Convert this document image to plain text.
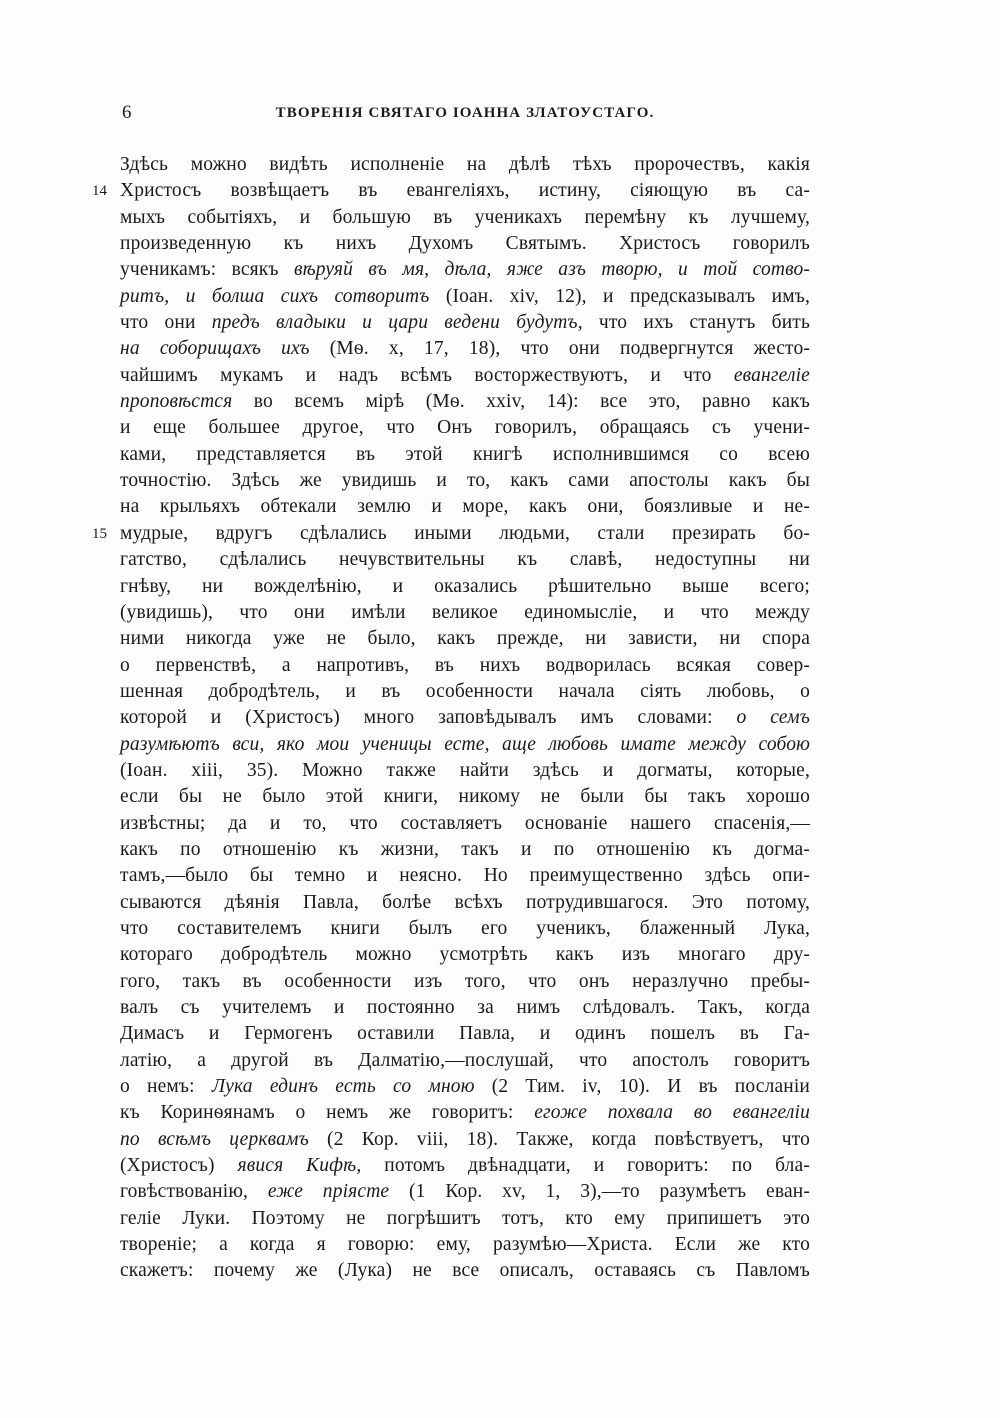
6	ТВОРЕНІЯ СВЯТАГО ІОАННА ЗЛАТОУСТАГО.
14
15
Здѣсь можно видѣть исполненіе на дѣлѣ тѣхъ пророчествъ, какія
Христосъ возвѣщаетъ въ евангеліяхъ, истину, сіяющую въ са-
мыхъ событіяхъ, и большую въ ученикахъ перемѣну къ лучшему,
произведенную къ нихъ Духомъ Святымъ. Христосъ говорилъ
ученикамъ: всякъ вѣруяй въ мя, дѣла, яже азъ творю, и той сотво-
ритъ, и болша сихъ сотворитъ (Іоан. xiv, 12), и предсказывалъ имъ,
что они предъ владыки и цари ведени будутъ, что ихъ станутъ бить
на соборищахъ ихъ (Мѳ. x, 17, 18), что они подвергнутся жесто-
чайшимъ мукамъ и надъ всѣмъ восторжествуютъ, и что евангеліе
проповѣстся во всемъ мірѣ (Мѳ. xxiv, 14): все это, равно какъ
и еще большее другое, что Онъ говорилъ, обращаясь съ учени-
ками, представляется въ этой книгѣ исполнившимся со всею
точностію. Здѣсь же увидишь и то, какъ сами апостолы какъ бы
на крыльяхъ обтекали землю и море, какъ они, боязливые и не-
мудрые, вдругъ сдѣлались иными людьми, стали презирать бо-
гатство, сдѣлались нечувствительны къ славѣ, недоступны ни
гнѣву, ни вожделѣнію, и оказались рѣшительно выше всего;
(увидишь), что они имѣли великое единомысліе, и что между
ними никогда уже не было, какъ прежде, ни зависти, ни спора
о первенствѣ, а напротивъ, въ нихъ водворилась всякая совер-
шенная добродѣтель, и въ особенности начала сіять любовь, о
которой и (Христосъ) много заповѣдывалъ имъ словами: о семъ
разумѣютъ вси, яко мои ученицы есте, аще любовь имате между собою
(Іоан. xiii, 35). Можно также найти здѣсь и догматы, которые,
если бы не было этой книги, никому не были бы такъ хорошо
извѣстны; да и то, что составляетъ основаніе нашего спасенія,—
какъ по отношенію къ жизни, такъ и по отношенію къ догма-
тамъ,—было бы темно и неясно. Но преимущественно здѣсь опи-
сываются дѣянія Павла, болѣе всѣхъ потрудившагося. Это потому,
что составителемъ книги былъ его ученикъ, блаженный Лука,
котораго добродѣтель можно усмотрѣть какъ изъ многаго дру-
гого, такъ въ особенности изъ того, что онъ неразлучно пребы-
валъ съ учителемъ и постоянно за нимъ слѣдовалъ. Такъ, когда
Димасъ и Гермогенъ оставили Павла, и одинъ пошелъ въ Га-
латію, а другой въ Далматію,—послушай, что апостолъ говоритъ
о немъ: Лука единъ есть со мною (2 Тим. iv, 10). И въ посланіи
къ Коринѳянамъ о немъ же говоритъ: егоже похвала во евангеліи
по всѣмъ церквамъ (2 Кор. viii, 18). Также, когда повѣствуетъ, что
(Христосъ) явися Кифѣ, потомъ двѣнадцати, и говоритъ: по бла-
говѣствованію, еже пріясте (1 Кор. xv, 1, 3),—то разумѣетъ еван-
геліе Луки. Поэтому не погрѣшитъ тотъ, кто ему припишетъ это
твореніе; а когда я говорю: ему, разумѣю—Христа. Если же кто
скажетъ: почему же (Лука) не все описалъ, оставаясь съ Павломъ
